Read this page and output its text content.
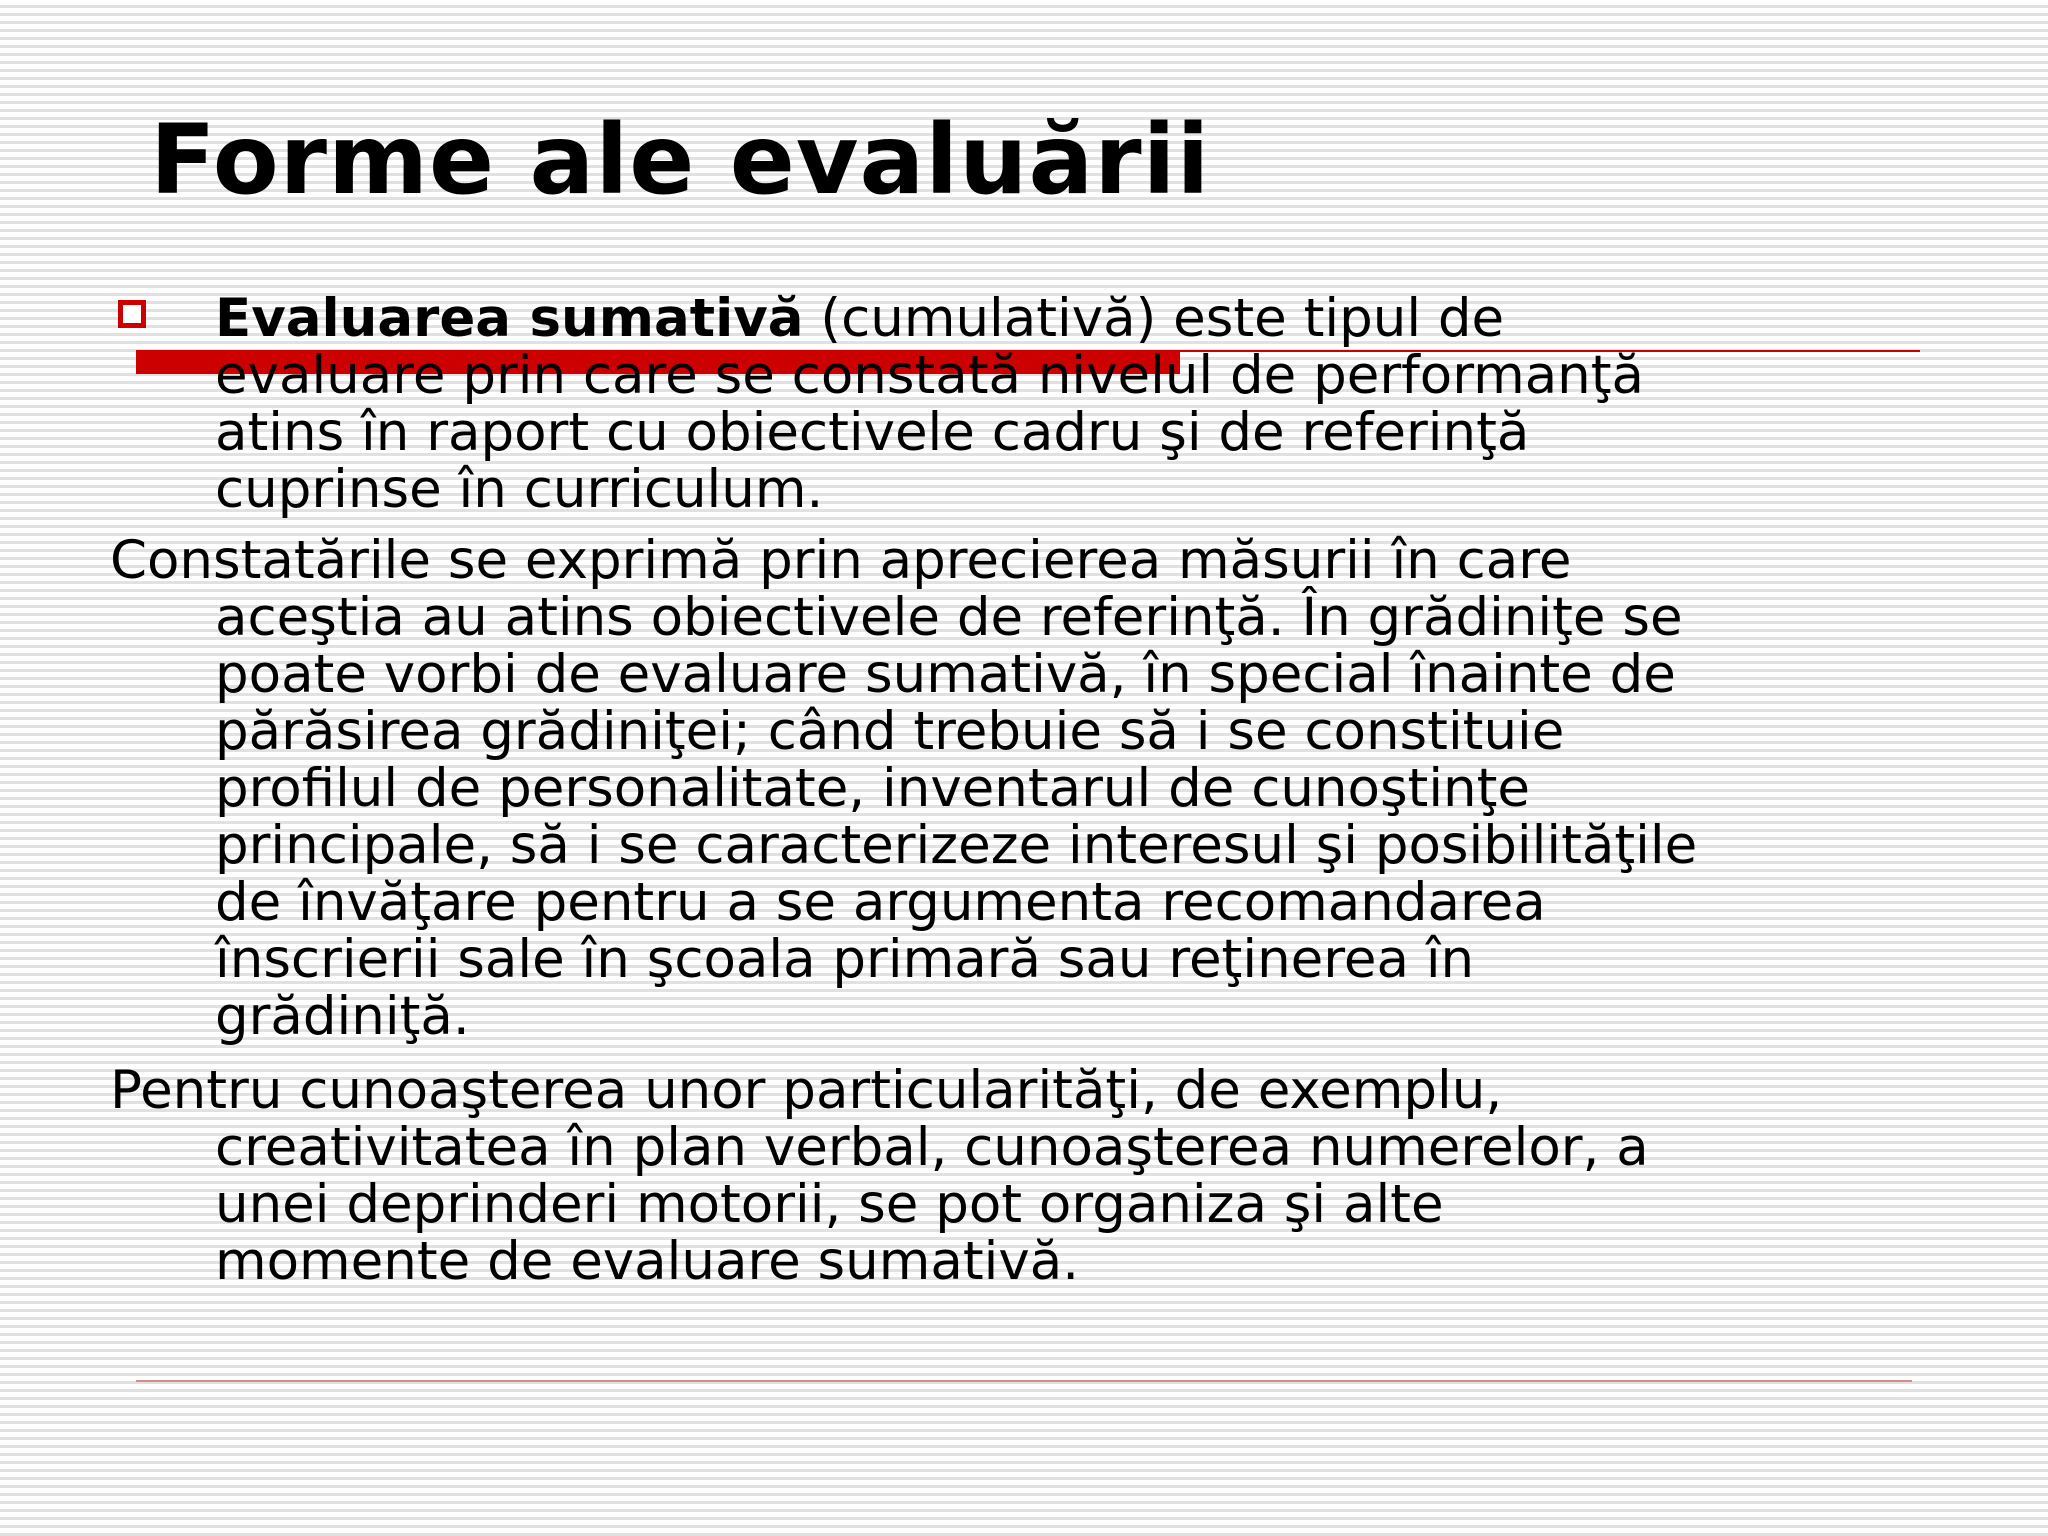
Forme ale evaluării

Evaluarea sumativă (cumulativă) este tipul de
evaluare prin care se constată nivelul de performanţă
atins în raport cu obiectivele cadru şi de referinţă
cuprinse în curriculum.

Constatările se exprimă prin aprecierea măsurii în care
aceştia au atins obiectivele de referinţă. În grădiniţe se
poate vorbi de evaluare sumativă, în special înainte de
părăsirea grădiniţei; când trebuie să i se constituie
profilul de personalitate, inventarul de cunoştinţe
principale, să i se caracterizeze interesul şi posibilităţile
de învăţare pentru a se argumenta recomandarea
înscrierii sale în şcoala primară sau reţinerea în
grădiniţă.

Pentru cunoaşterea unor particularităţi, de exemplu,
creativitatea în plan verbal, cunoaşterea numerelor, a
unei deprinderi motorii, se pot organiza şi alte
momente de evaluare sumativă.
